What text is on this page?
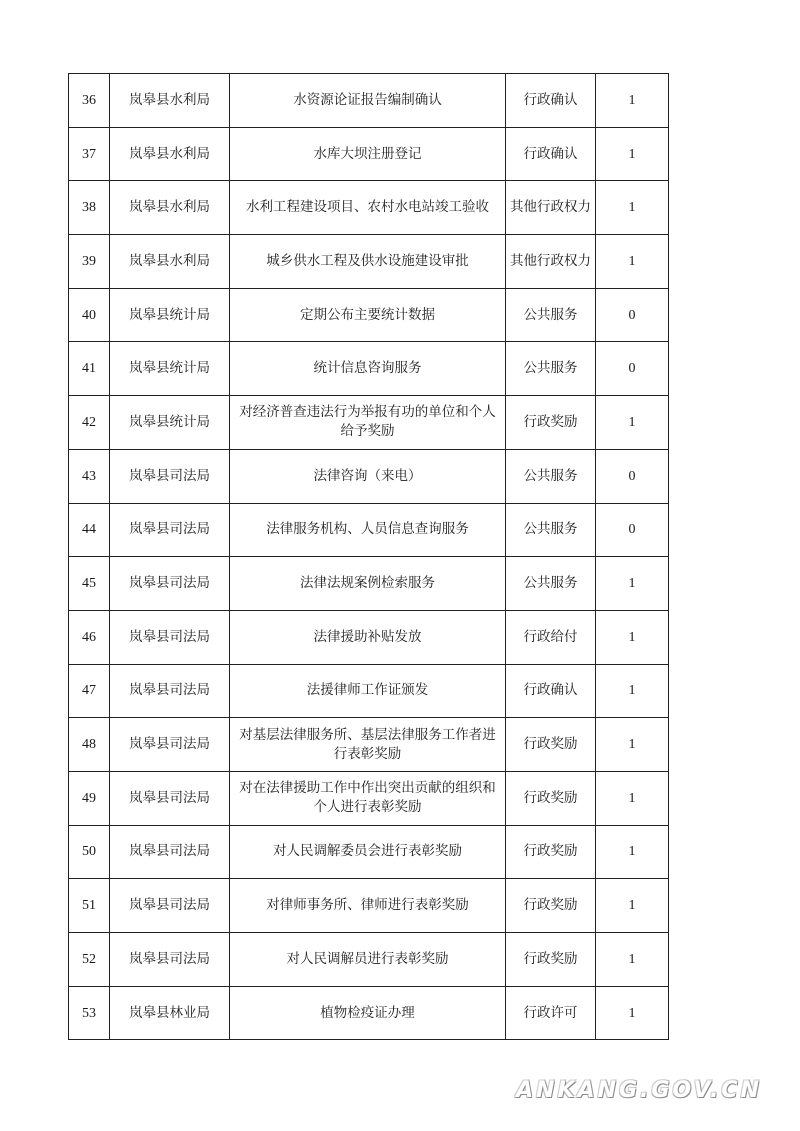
36	岚皋县水利局	水资源论证报告编制确认	行政确认	1
37	岚皋县水利局	水库大坝注册登记	行政确认	1
38	岚皋县水利局	水利工程建设项目、农村水电站竣工验收	其他行政权力	1
39	岚皋县水利局	城乡供水工程及供水设施建设审批	其他行政权力	1
40	岚皋县统计局	定期公布主要统计数据	公共服务	0
41	岚皋县统计局	统计信息咨询服务	公共服务	0
42	岚皋县统计局	对经济普查违法行为举报有功的单位和个人给予奖励	行政奖励	1
43	岚皋县司法局	法律咨询（来电）	公共服务	0
44	岚皋县司法局	法律服务机构、人员信息查询服务	公共服务	0
45	岚皋县司法局	法律法规案例检索服务	公共服务	1
46	岚皋县司法局	法律援助补贴发放	行政给付	1
47	岚皋县司法局	法援律师工作证颁发	行政确认	1
48	岚皋县司法局	对基层法律服务所、基层法律服务工作者进行表彰奖励	行政奖励	1
49	岚皋县司法局	对在法律援助工作中作出突出贡献的组织和个人进行表彰奖励	行政奖励	1
50	岚皋县司法局	对人民调解委员会进行表彰奖励	行政奖励	1
51	岚皋县司法局	对律师事务所、律师进行表彰奖励	行政奖励	1
52	岚皋县司法局	对人民调解员进行表彰奖励	行政奖励	1
53	岚皋县林业局	植物检疫证办理	行政许可	1
ANKANG.GOV.CN
